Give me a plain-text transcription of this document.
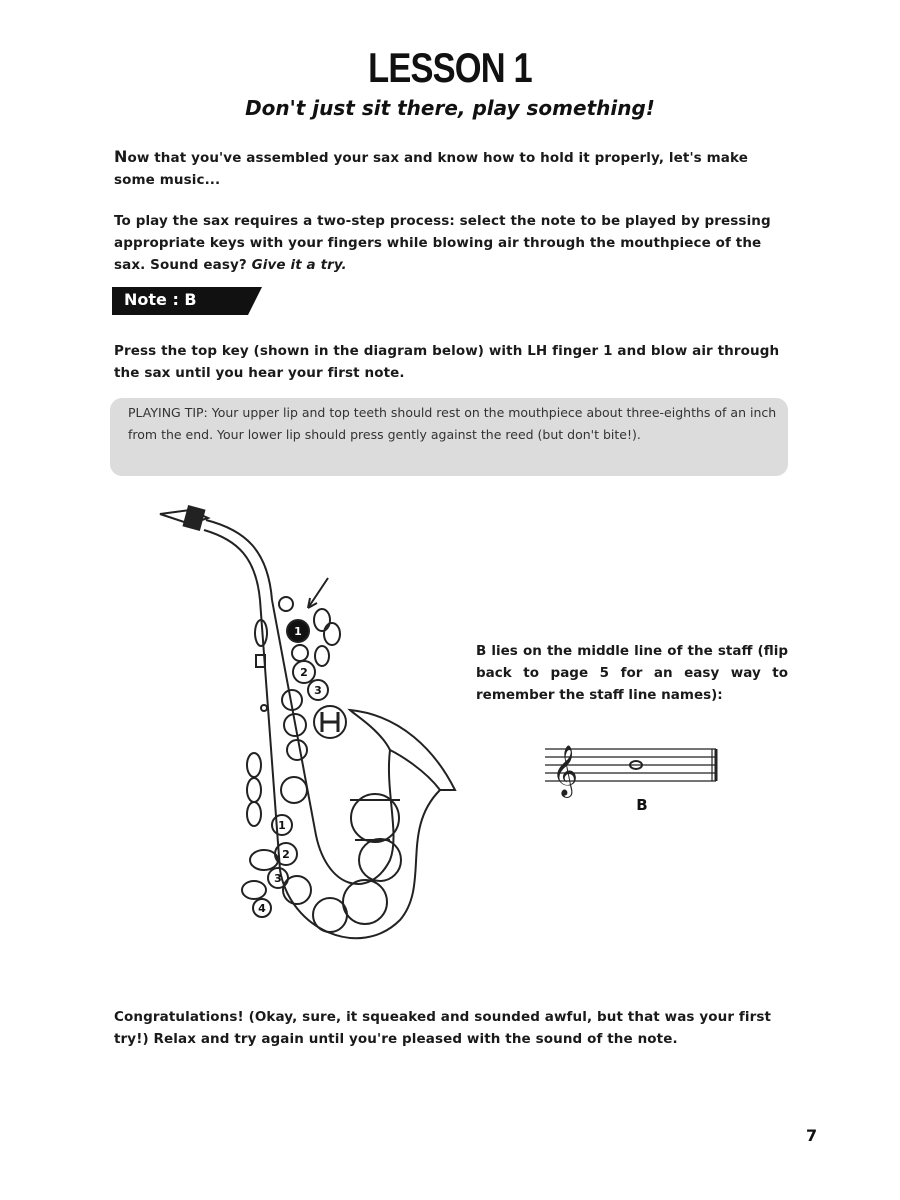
LESSON 1
Don't just sit there, play something!
Now that you've assembled your sax and know how to hold it properly, let's make some music...
To play the sax requires a two-step process: select the note to be played by pressing appropriate keys with your fingers while blowing air through the mouthpiece of the sax. Sound easy? Give it a try.
Note : B
Press the top key (shown in the diagram below) with LH finger 1 and blow air through the sax until you hear your first note.
PLAYING TIP: Your upper lip and top teeth should rest on the mouthpiece about three-eighths of an inch from the end. Your lower lip should press gently against the reed (but don't bite!).
1
2
3
1
2
3
4
B lies on the middle line of the staff (flip back to page 5 for an easy way to remember the staff line names):
𝄞
B
Congratulations! (Okay, sure, it squeaked and sounded awful, but that was your first try!) Relax and try again until you're pleased with the sound of the note.
7
